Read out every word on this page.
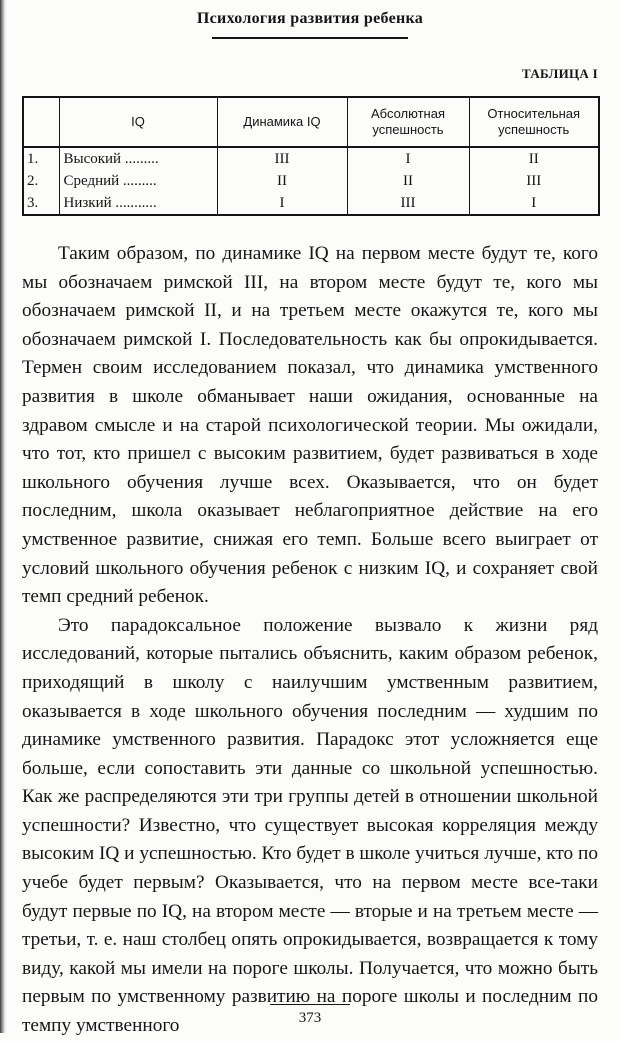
Психология развития ребенка
ТАБЛИЦА I
	IQ	Динамика IQ	Абсолютная успешность	Относительная успешность
1.	Высокий .........	III	I	II
2.	Средний .........	II	II	III
3.	Низкий ...........	I	III	I

Таким образом, по динамике IQ на первом месте будут те, кого мы обозначаем римской III, на втором месте будут те, кого мы обозначаем римской II, и на третьем месте окажутся те, кого мы обозначаем римской I. Последовательность как бы опрокидывается. Термен своим исследованием показал, что динамика умственного развития в школе обманывает наши ожидания, основанные на здравом смысле и на старой психологической теории. Мы ожидали, что тот, кто пришел с высоким развитием, будет развиваться в ходе школьного обучения лучше всех. Оказывается, что он будет последним, школа оказывает неблагоприятное действие на его умственное развитие, снижая его темп. Больше всего выиграет от условий школьного обучения ребенок с низким IQ, и сохраняет свой темп средний ребенок.

Это парадоксальное положение вызвало к жизни ряд исследований, которые пытались объяснить, каким образом ребенок, приходящий в школу с наилучшим умственным развитием, оказывается в ходе школьного обучения последним — худшим по динамике умственного развития. Парадокс этот усложняется еще больше, если сопоставить эти данные со школьной успешностью. Как же распределяются эти три группы детей в отношении школьной успешности? Известно, что существует высокая корреляция между высоким IQ и успешностью. Кто будет в школе учиться лучше, кто по учебе будет первым? Оказывается, что на первом месте все-таки будут первые по IQ, на втором месте — вторые и на третьем месте — третьи, т. е. наш столбец опять опрокидывается, возвращается к тому виду, какой мы имели на пороге школы. Получается, что можно быть первым по умственному развитию на пороге школы и последним по темпу умственного	373
